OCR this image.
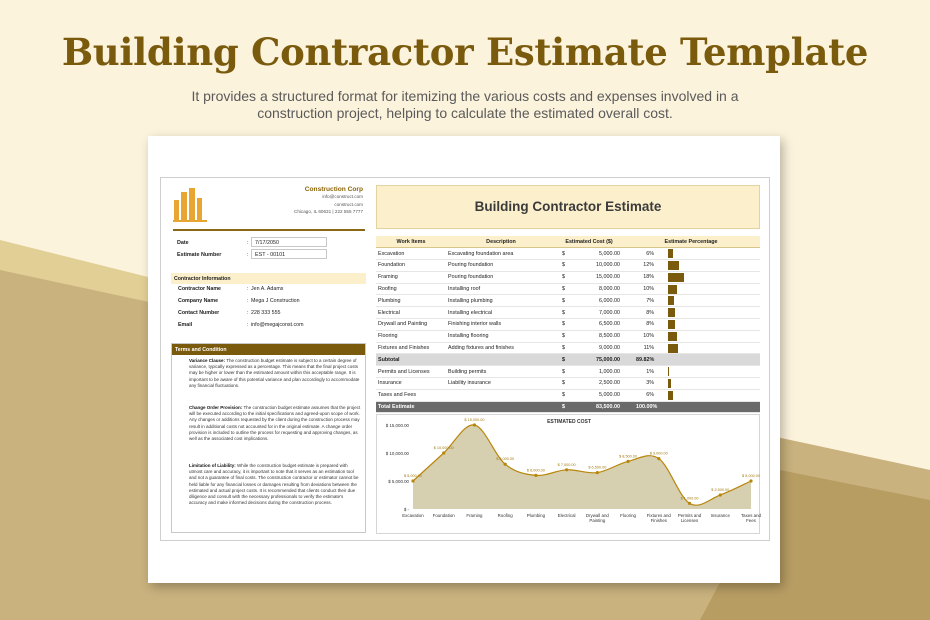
Building Contractor Estimate Template
It provides a structured format for itemizing the various costs and expenses involved in a construction project, helping to calculate the estimated overall cost.
Construction Corp
info@construct.com
construct.com
Chicago, IL 60631 | 222 555 7777
Date	:	7/17/2050
Estimate Number	:	EST - 00101
Contractor Information
Contractor Name	: Jen A. Adams
Company Name	: Mega J Construction
Contact Number	: 228 333 555
Email	: info@megajconst.com
Terms and Condition
Variance Clause: The construction budget estimate is subject to a certain degree of variance, typically expressed as a percentage. This means that the final project costs may be higher or lower than the estimated amount within this acceptable range. It is important to be aware of this potential variance and plan accordingly to accommodate any financial fluctuations.
Change Order Provision: The construction budget estimate assumes that the project will be executed according to the initial specifications and agreed-upon scope of work. Any changes or additions requested by the client during the construction process may result in additional costs not accounted for in the original estimate. A change order provision is included to outline the process for requesting and approving changes, as well as the associated cost implications.
Limitation of Liability: While the construction budget estimate is prepared with utmost care and accuracy, it is important to note that it serves as an estimation tool and not a guarantee of final costs. The construction contractor or estimator cannot be held liable for any financial losses or damages resulting from deviations between the estimated and actual project costs. It is recommended that clients conduct their due diligence and consult with the necessary professionals to verify the estimate's accuracy and make informed decisions during the construction process.
Building Contractor Estimate
Work Items	Description	Estimated Cost ($)		Estimate Percentage	
Excavation	Excavating foundation area	$	5,000.00	6%	
Foundation	Pouring foundation	$	10,000.00	12%	
Framing	Pouring foundation	$	15,000.00	18%	
Roofing	Installing roof	$	8,000.00	10%	
Plumbing	Installing plumbing	$	6,000.00	7%	
Electrical	Installing electrical	$	7,000.00	8%	
Drywall and Painting	Finishing interior walls	$	6,500.00	8%	
Flooring	Installing flooring	$	8,500.00	10%	
Fixtures and Finishes	Adding fixtures and finishes	$	9,000.00	11%	
Subtotal		$	75,000.00	89.82%	
Permits and Licenses	Building permits	$	1,000.00	1%	
Insurance	Liability insurance	$	2,500.00	3%	
Taxes and Fees		$	5,000.00	6%	
Total Estimate		$	83,500.00	100.00%	
ESTIMATED COST
$ 15,000.00
$ 10,000.00
$ 5,000.00
$ -
$ 5,000.00
Excavation
$ 10,000.00
Foundation
$ 15,000.00
Framing
$ 8,000.00
Roofing
$ 6,000.00
Plumbing
$ 7,000.00
Electrical
$ 6,500.00
Drywall and
Painting
$ 8,500.00
Flooring
$ 9,000.00
Fixtures and
Finishes
$ 1,000.00
Permits and
Licenses
$ 2,500.00
Insurance
$ 5,000.00
Taxes and
Fees
